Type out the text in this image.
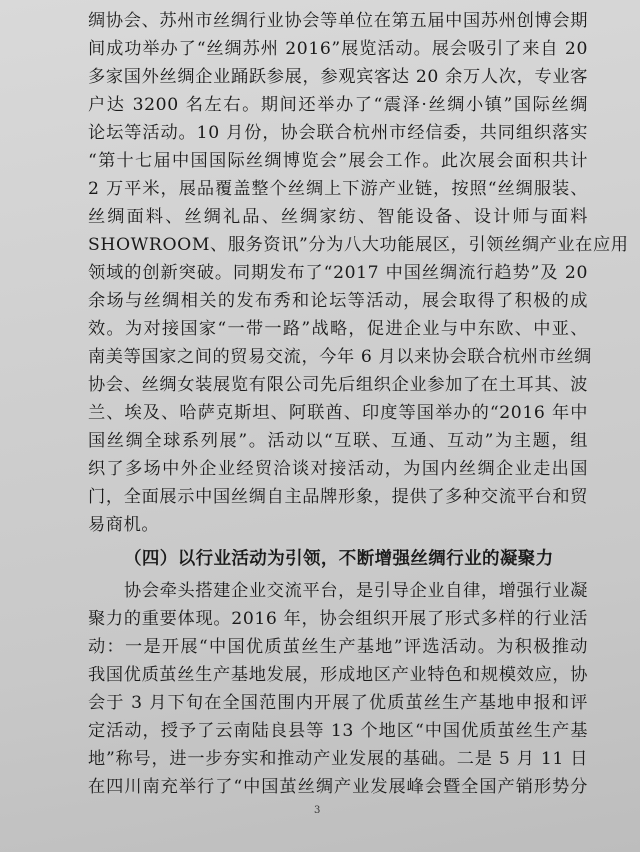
绸协会、苏州市丝绸行业协会等单位在第五届中国苏州创博会期
间成功举办了“丝绸苏州 2016”展览活动。展会吸引了来自 20
多家国外丝绸企业踊跃参展，参观宾客达 20 余万人次，专业客
户达 3200 名左右。期间还举办了“震泽·丝绸小镇”国际丝绸
论坛等活动。10 月份，协会联合杭州市经信委，共同组织落实
“第十七届中国国际丝绸博览会”展会工作。此次展会面积共计
2 万平米，展品覆盖整个丝绸上下游产业链，按照“丝绸服装、
丝绸面料、丝绸礼品、丝绸家纺、智能设备、设计师与面料
SHOWROOM、服务资讯”分为八大功能展区，引领丝绸产业在应用
领域的创新突破。同期发布了“2017 中国丝绸流行趋势”及 20
余场与丝绸相关的发布秀和论坛等活动，展会取得了积极的成
效。为对接国家“一带一路”战略，促进企业与中东欧、中亚、
南美等国家之间的贸易交流，今年 6 月以来协会联合杭州市丝绸
协会、丝绸女装展览有限公司先后组织企业参加了在土耳其、波
兰、埃及、哈萨克斯坦、阿联酋、印度等国举办的“2016 年中
国丝绸全球系列展”。活动以“互联、互通、互动”为主题，组
织了多场中外企业经贸洽谈对接活动，为国内丝绸企业走出国
门，全面展示中国丝绸自主品牌形象，提供了多种交流平台和贸
易商机。
（四）以行业活动为引领，不断增强丝绸行业的凝聚力
协会牵头搭建企业交流平台，是引导企业自律，增强行业凝
聚力的重要体现。2016 年，协会组织开展了形式多样的行业活
动：一是开展“中国优质茧丝生产基地”评选活动。为积极推动
我国优质茧丝生产基地发展，形成地区产业特色和规模效应，协
会于 3 月下旬在全国范围内开展了优质茧丝生产基地申报和评
定活动，授予了云南陆良县等 13 个地区“中国优质茧丝生产基
地”称号，进一步夯实和推动产业发展的基础。二是 5 月 11 日
在四川南充举行了“中国茧丝绸产业发展峰会暨全国产销形势分
3
